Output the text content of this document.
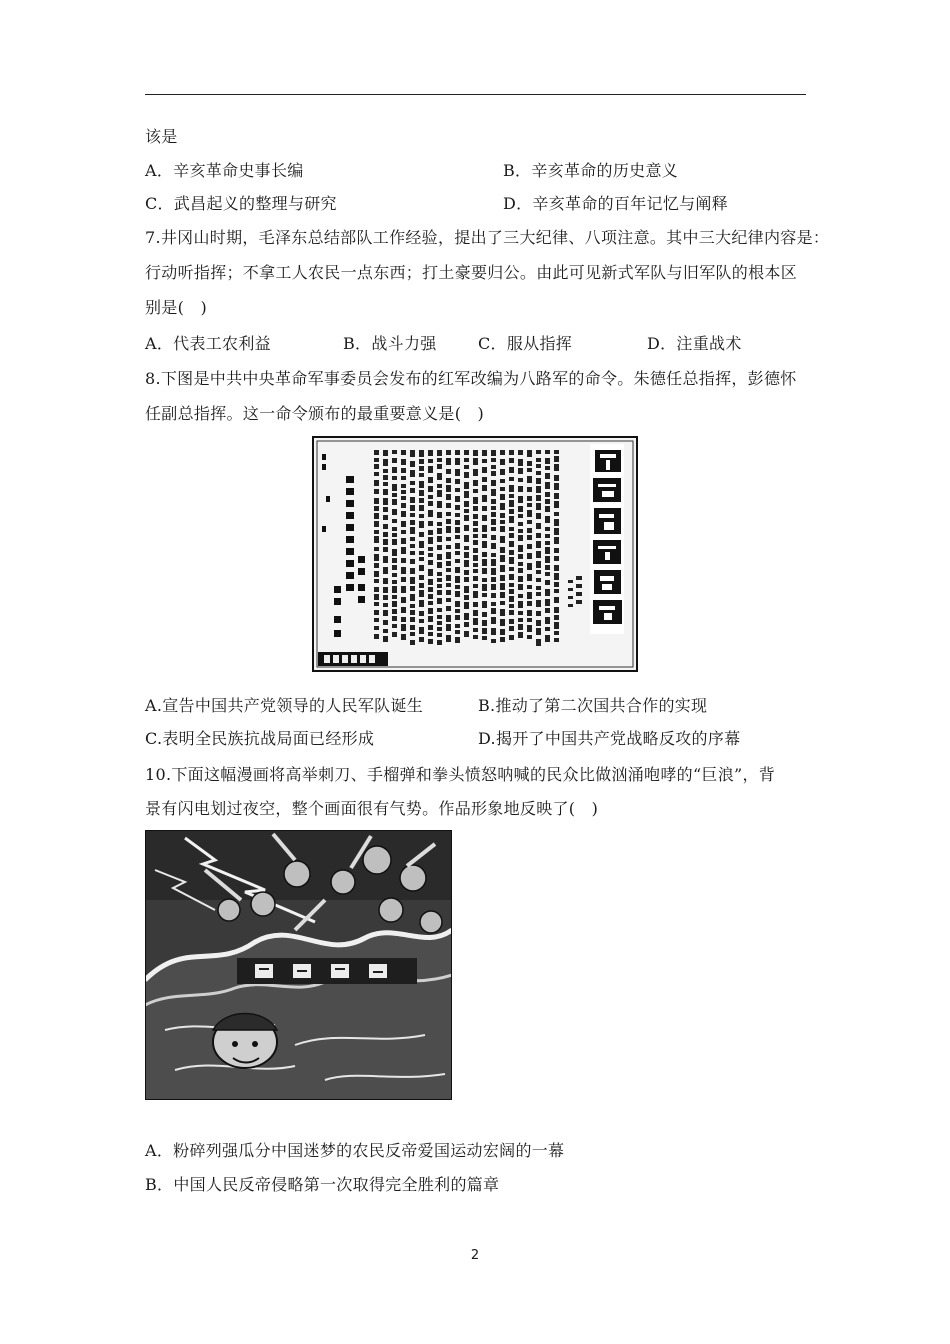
该是
A．辛亥革命史事长编	B．辛亥革命的历史意义
C．武昌起义的整理与研究	D．辛亥革命的百年记忆与阐释
7.井冈山时期，毛泽东总结部队工作经验，提出了三大纪律、八项注意。其中三大纪律内容是：
行动听指挥；不拿工人农民一点东西；打土豪要归公。由此可见新式军队与旧军队的根本区
别是(　)
A．代表工农利益	B．战斗力强	C．服从指挥	D．注重战术
8.下图是中共中央革命军事委员会发布的红军改编为八路军的命令。朱德任总指挥，彭德怀
任副总指挥。这一命令颁布的最重要意义是(　)
A.宣告中国共产党领导的人民军队诞生	B.推动了第二次国共合作的实现
C.表明全民族抗战局面已经形成	D.揭开了中国共产党战略反攻的序幕
10.下面这幅漫画将高举刺刀、手榴弹和拳头愤怒呐喊的民众比做汹涌咆哮的“巨浪”，背
景有闪电划过夜空，整个画面很有气势。作品形象地反映了(　)
A．粉碎列强瓜分中国迷梦的农民反帝爱国运动宏阔的一幕
B．中国人民反帝侵略第一次取得完全胜利的篇章
2
